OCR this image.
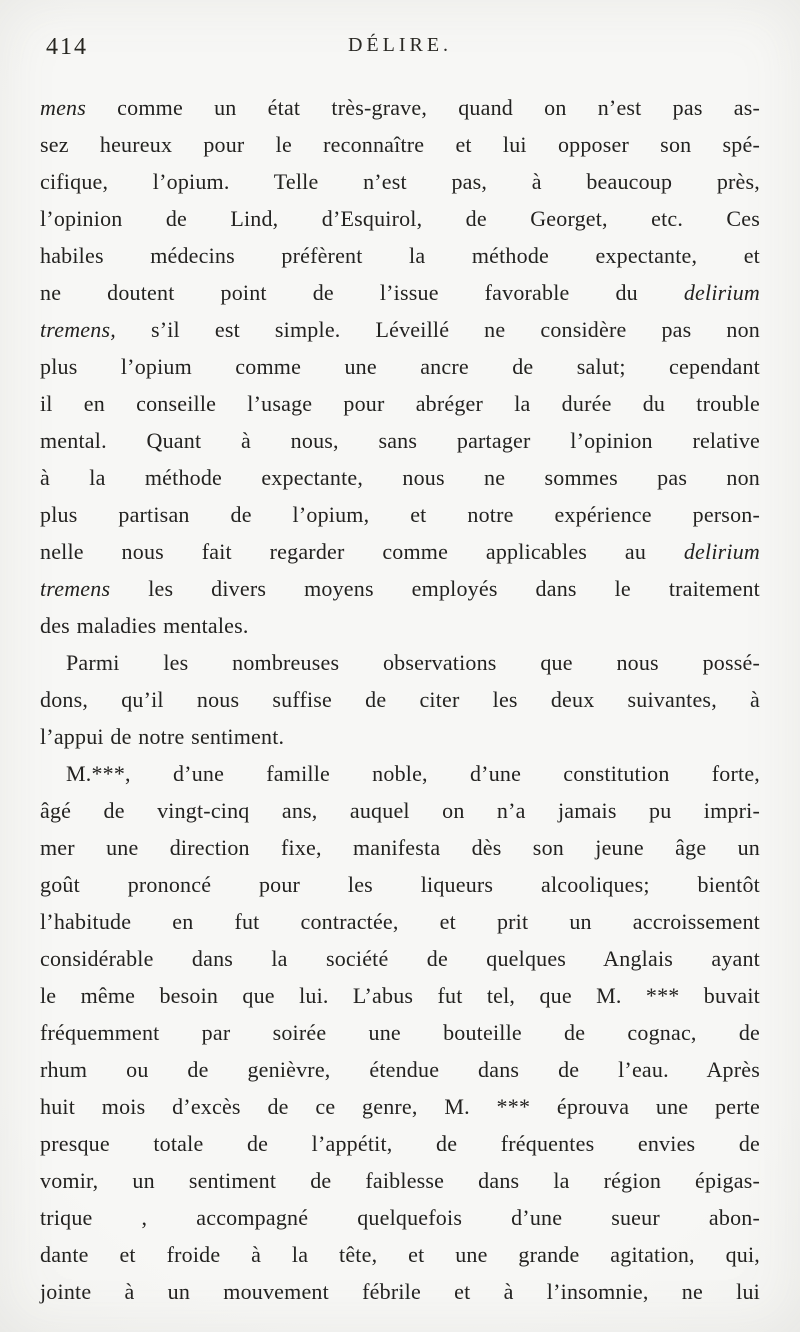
414	DÉLIRE.
mens comme un état très-grave, quand on n’est pas as-
sez heureux pour le reconnaître et lui opposer son spé-
cifique, l’opium. Telle n’est pas, à beaucoup près,
l’opinion de Lind, d’Esquirol, de Georget, etc. Ces
habiles médecins préfèrent la méthode expectante, et
ne doutent point de l’issue favorable du delirium
tremens, s’il est simple. Léveillé ne considère pas non
plus l’opium comme une ancre de salut; cependant
il en conseille l’usage pour abréger la durée du trouble
mental. Quant à nous, sans partager l’opinion relative
à la méthode expectante, nous ne sommes pas non
plus partisan de l’opium, et notre expérience person-
nelle nous fait regarder comme applicables au delirium
tremens les divers moyens employés dans le traitement
des maladies mentales.
Parmi les nombreuses observations que nous possé-
dons, qu’il nous suffise de citer les deux suivantes, à
l’appui de notre sentiment.
M.***, d’une famille noble, d’une constitution forte,
âgé de vingt-cinq ans, auquel on n’a jamais pu impri-
mer une direction fixe, manifesta dès son jeune âge un
goût prononcé pour les liqueurs alcooliques; bientôt
l’habitude en fut contractée, et prit un accroissement
considérable dans la société de quelques Anglais ayant
le même besoin que lui. L’abus fut tel, que M. *** buvait
fréquemment par soirée une bouteille de cognac, de
rhum ou de genièvre, étendue dans de l’eau. Après
huit mois d’excès de ce genre, M. *** éprouva une perte
presque totale de l’appétit, de fréquentes envies de
vomir, un sentiment de faiblesse dans la région épigas-
trique , accompagné quelquefois d’une sueur abon-
dante et froide à la tête, et une grande agitation, qui,
jointe à un mouvement fébrile et à l’insomnie, ne lui
